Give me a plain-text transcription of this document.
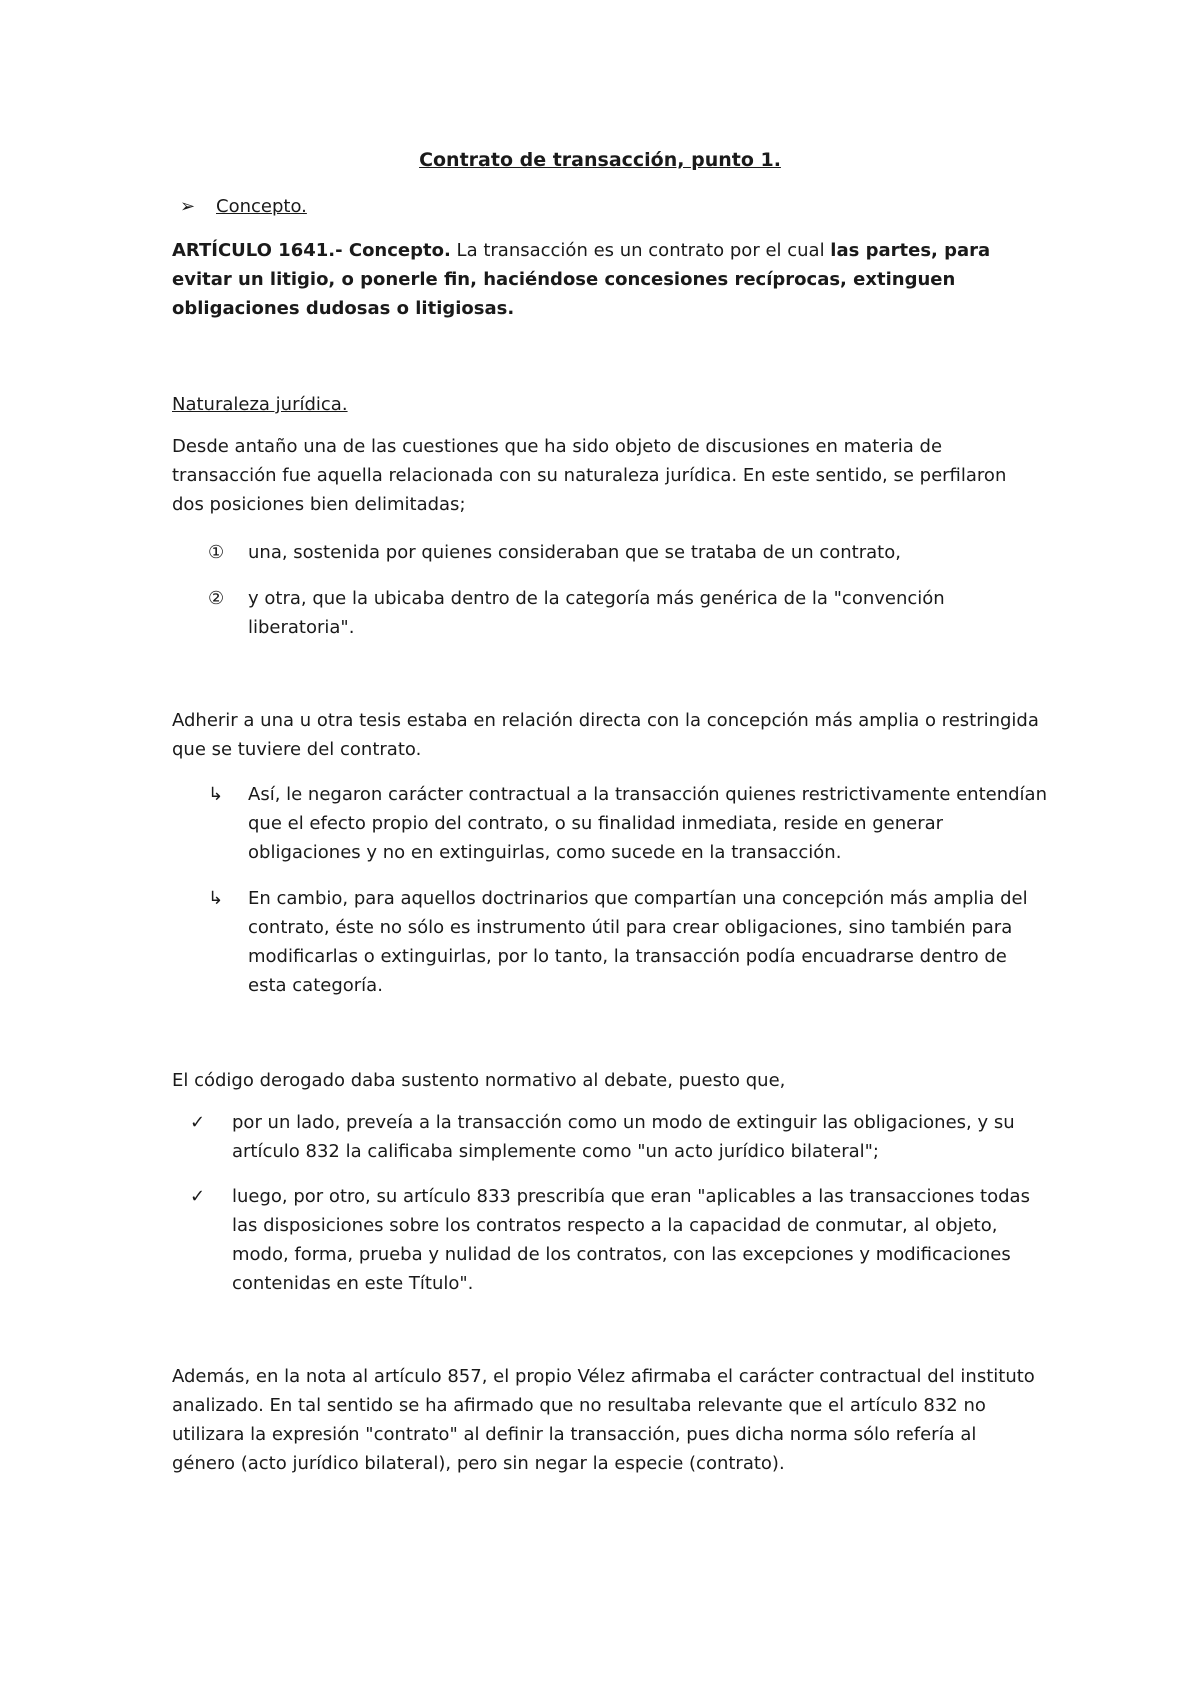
Contrato de transacción, punto 1.

➢ Concepto.

ARTÍCULO 1641.- Concepto. La transacción es un contrato por el cual las partes, para evitar un litigio, o ponerle fin, haciéndose concesiones recíprocas, extinguen obligaciones dudosas o litigiosas.

Naturaleza jurídica.

Desde antaño una de las cuestiones que ha sido objeto de discusiones en materia de transacción fue aquella relacionada con su naturaleza jurídica. En este sentido, se perfilaron dos posiciones bien delimitadas;

① una, sostenida por quienes consideraban que se trataba de un contrato,
② y otra, que la ubicaba dentro de la categoría más genérica de la "convención liberatoria".

Adherir a una u otra tesis estaba en relación directa con la concepción más amplia o restringida que se tuviere del contrato.

↳ Así, le negaron carácter contractual a la transacción quienes restrictivamente entendían que el efecto propio del contrato, o su finalidad inmediata, reside en generar obligaciones y no en extinguirlas, como sucede en la transacción.
↳ En cambio, para aquellos doctrinarios que compartían una concepción más amplia del contrato, éste no sólo es instrumento útil para crear obligaciones, sino también para modificarlas o extinguirlas, por lo tanto, la transacción podía encuadrarse dentro de esta categoría.

El código derogado daba sustento normativo al debate, puesto que,

✓ por un lado, preveía a la transacción como un modo de extinguir las obligaciones, y su artículo 832 la calificaba simplemente como "un acto jurídico bilateral";
✓ luego, por otro, su artículo 833 prescribía que eran "aplicables a las transacciones todas las disposiciones sobre los contratos respecto a la capacidad de conmutar, al objeto, modo, forma, prueba y nulidad de los contratos, con las excepciones y modificaciones contenidas en este Título".

Además, en la nota al artículo 857, el propio Vélez afirmaba el carácter contractual del instituto analizado. En tal sentido se ha afirmado que no resultaba relevante que el artículo 832 no utilizara la expresión "contrato" al definir la transacción, pues dicha norma sólo refería al género (acto jurídico bilateral), pero sin negar la especie (contrato).
